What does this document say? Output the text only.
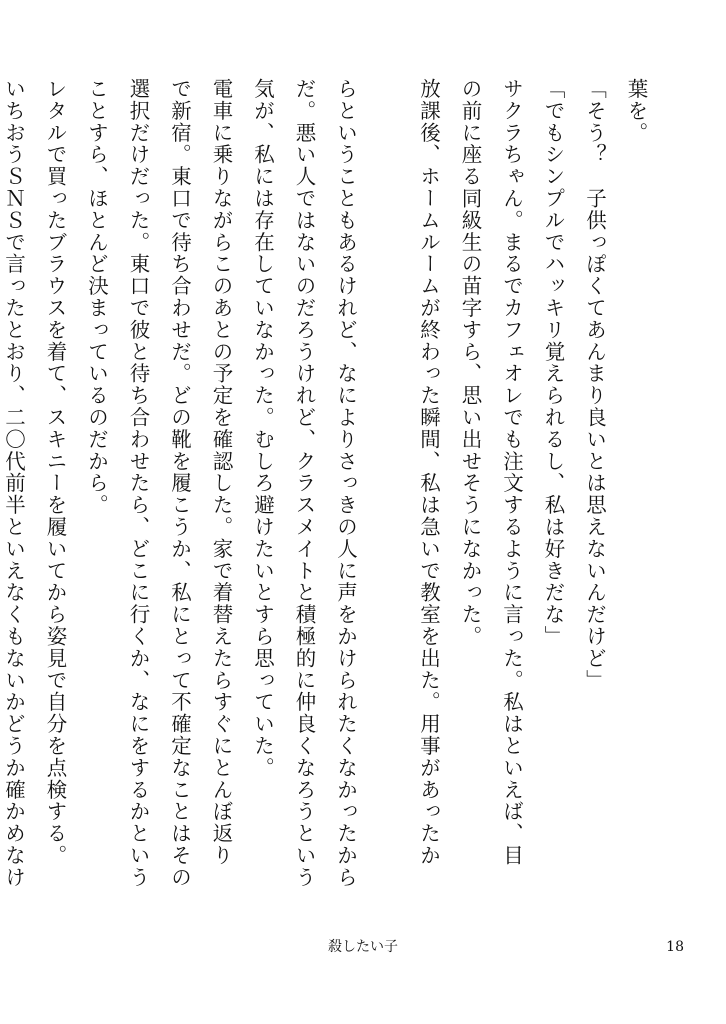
葉を。

「そう？　子供っぽくてあんまり良いとは思えないんだけど」

「でもシンプルでハッキリ覚えられるし、私は好きだな」

サクラちゃん。まるでカフェオレでも注文するように言った。私はといえば、目

の前に座る同級生の苗字すら、思い出せそうになかった。

放課後、ホームルームが終わった瞬間、私は急いで教室を出た。用事があったか

らということもあるけれど、なによりさっきの人に声をかけられたくなかったから

だ。悪い人ではないのだろうけれど、クラスメイトと積極的に仲良くなろうという

気が、私には存在していなかった。むしろ避けたいとすら思っていた。

電車に乗りながらこのあとの予定を確認した。家で着替えたらすぐにとんぼ返り

で新宿。東口で待ち合わせだ。どの靴を履こうか、私にとって不確定なことはその

選択だけだった。東口で彼と待ち合わせたら、どこに行くか、なにをするかという

ことすら、ほとんど決まっているのだから。

レタルで買ったブラウスを着て、スキニーを履いてから姿見で自分を点検する。

いちおうＳＮＳで言ったとおり、二〇代前半といえなくもないかどうか確かめなけ

殺したい子	18
